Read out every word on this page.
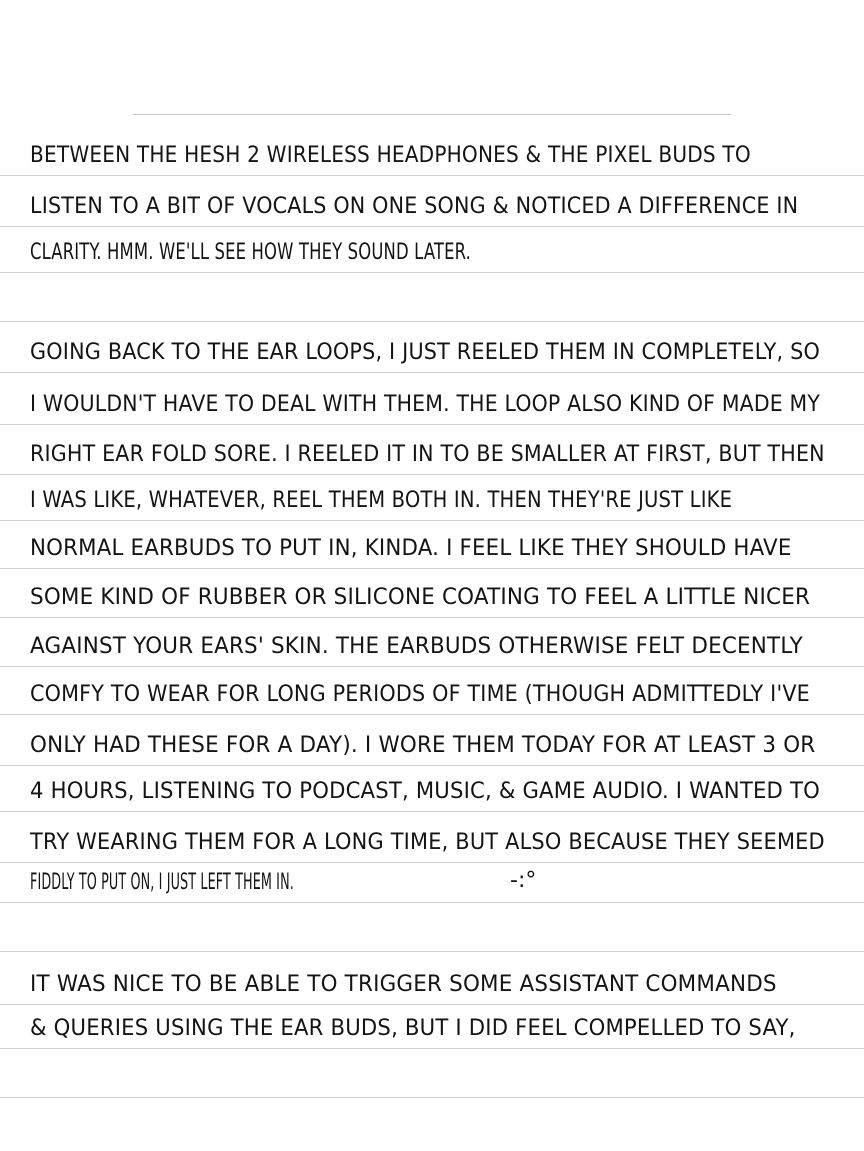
BETWEEN THE HESH 2 WIRELESS HEADPHONES & THE PIXEL BUDS TO
LISTEN TO A BIT OF VOCALS ON ONE SONG & NOTICED A DIFFERENCE IN
CLARITY. HMM. WE'LL SEE HOW THEY SOUND LATER.
GOING BACK TO THE EAR LOOPS, I JUST REELED THEM IN COMPLETELY, SO
I WOULDN'T HAVE TO DEAL WITH THEM. THE LOOP ALSO KIND OF MADE MY
RIGHT EAR FOLD SORE. I REELED IT IN TO BE SMALLER AT FIRST, BUT THEN
I WAS LIKE, WHATEVER, REEL THEM BOTH IN. THEN THEY'RE JUST LIKE
NORMAL EARBUDS TO PUT IN, KINDA. I FEEL LIKE THEY SHOULD HAVE
SOME KIND OF RUBBER OR SILICONE COATING TO FEEL A LITTLE NICER
AGAINST YOUR EARS' SKIN. THE EARBUDS OTHERWISE FELT DECENTLY
COMFY TO WEAR FOR LONG PERIODS OF TIME (THOUGH ADMITTEDLY I'VE
ONLY HAD THESE FOR A DAY). I WORE THEM TODAY FOR AT LEAST 3 OR
4 HOURS, LISTENING TO PODCAST, MUSIC, & GAME AUDIO. I WANTED TO
TRY WEARING THEM FOR A LONG TIME, BUT ALSO BECAUSE THEY SEEMED
FIDDLY TO PUT ON, I JUST LEFT THEM IN.	-:°
IT WAS NICE TO BE ABLE TO TRIGGER SOME ASSISTANT COMMANDS
& QUERIES USING THE EAR BUDS, BUT I DID FEEL COMPELLED TO SAY,
